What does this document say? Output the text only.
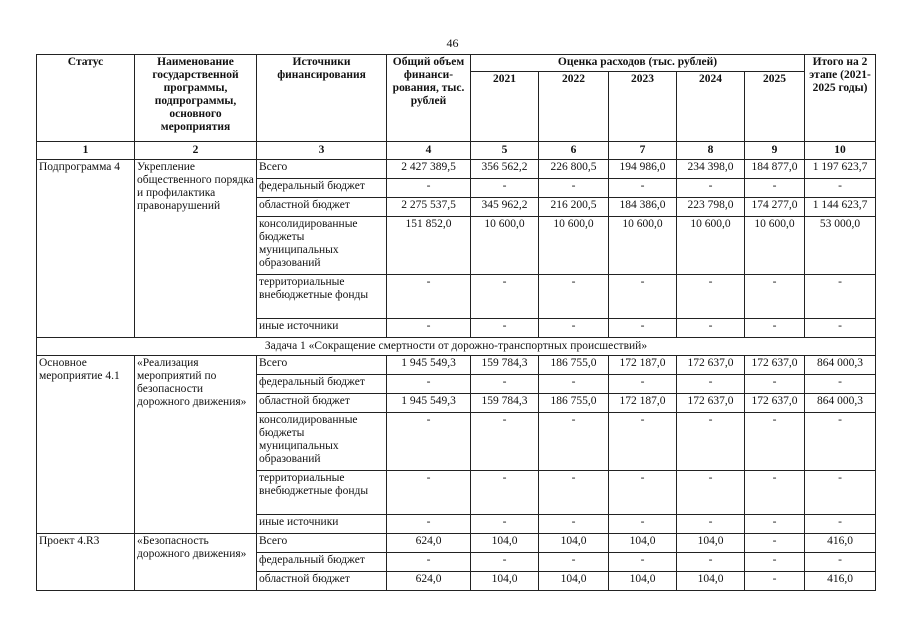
46
Статус	Наименование государственной программы, подпрограммы, основного мероприятия	Источники финансирования	Общий объем финанси-рования, тыс. рублей	Оценка расходов (тыс. рублей)					Итого на 2 этапе (2021-2025 годы)
				2021	2022	2023	2024	2025	
1	2	3	4	5	6	7	8	9	10
Подпрограмма 4	Укрепление общественного порядка и профилактика правонарушений	Всего	2 427 389,5	356 562,2	226 800,5	194 986,0	234 398,0	184 877,0	1 197 623,7
		федеральный бюджет	-	-	-	-	-	-	-
		областной бюджет	2 275 537,5	345 962,2	216 200,5	184 386,0	223 798,0	174 277,0	1 144 623,7
		консолидированные бюджеты муниципальных образований	151 852,0	10 600,0	10 600,0	10 600,0	10 600,0	10 600,0	53 000,0
		территориальные внебюджетные фонды	-	-	-	-	-	-	-
		иные источники	-	-	-	-	-	-	-
Задача 1 «Сокращение смертности от дорожно-транспортных происшествий»									
Основное мероприятие 4.1	«Реализация мероприятий по безопасности дорожного движения»	Всего	1 945 549,3	159 784,3	186 755,0	172 187,0	172 637,0	172 637,0	864 000,3
		федеральный бюджет	-	-	-	-	-	-	-
		областной бюджет	1 945 549,3	159 784,3	186 755,0	172 187,0	172 637,0	172 637,0	864 000,3
		консолидированные бюджеты муниципальных образований	-	-	-	-	-	-	-
		территориальные внебюджетные фонды	-	-	-	-	-	-	-
		иные источники	-	-	-	-	-	-	-
Проект 4.R3	«Безопасность дорожного движения»	Всего	624,0	104,0	104,0	104,0	104,0	-	416,0
		федеральный бюджет	-	-	-	-	-	-	-
		областной бюджет	624,0	104,0	104,0	104,0	104,0	-	416,0
